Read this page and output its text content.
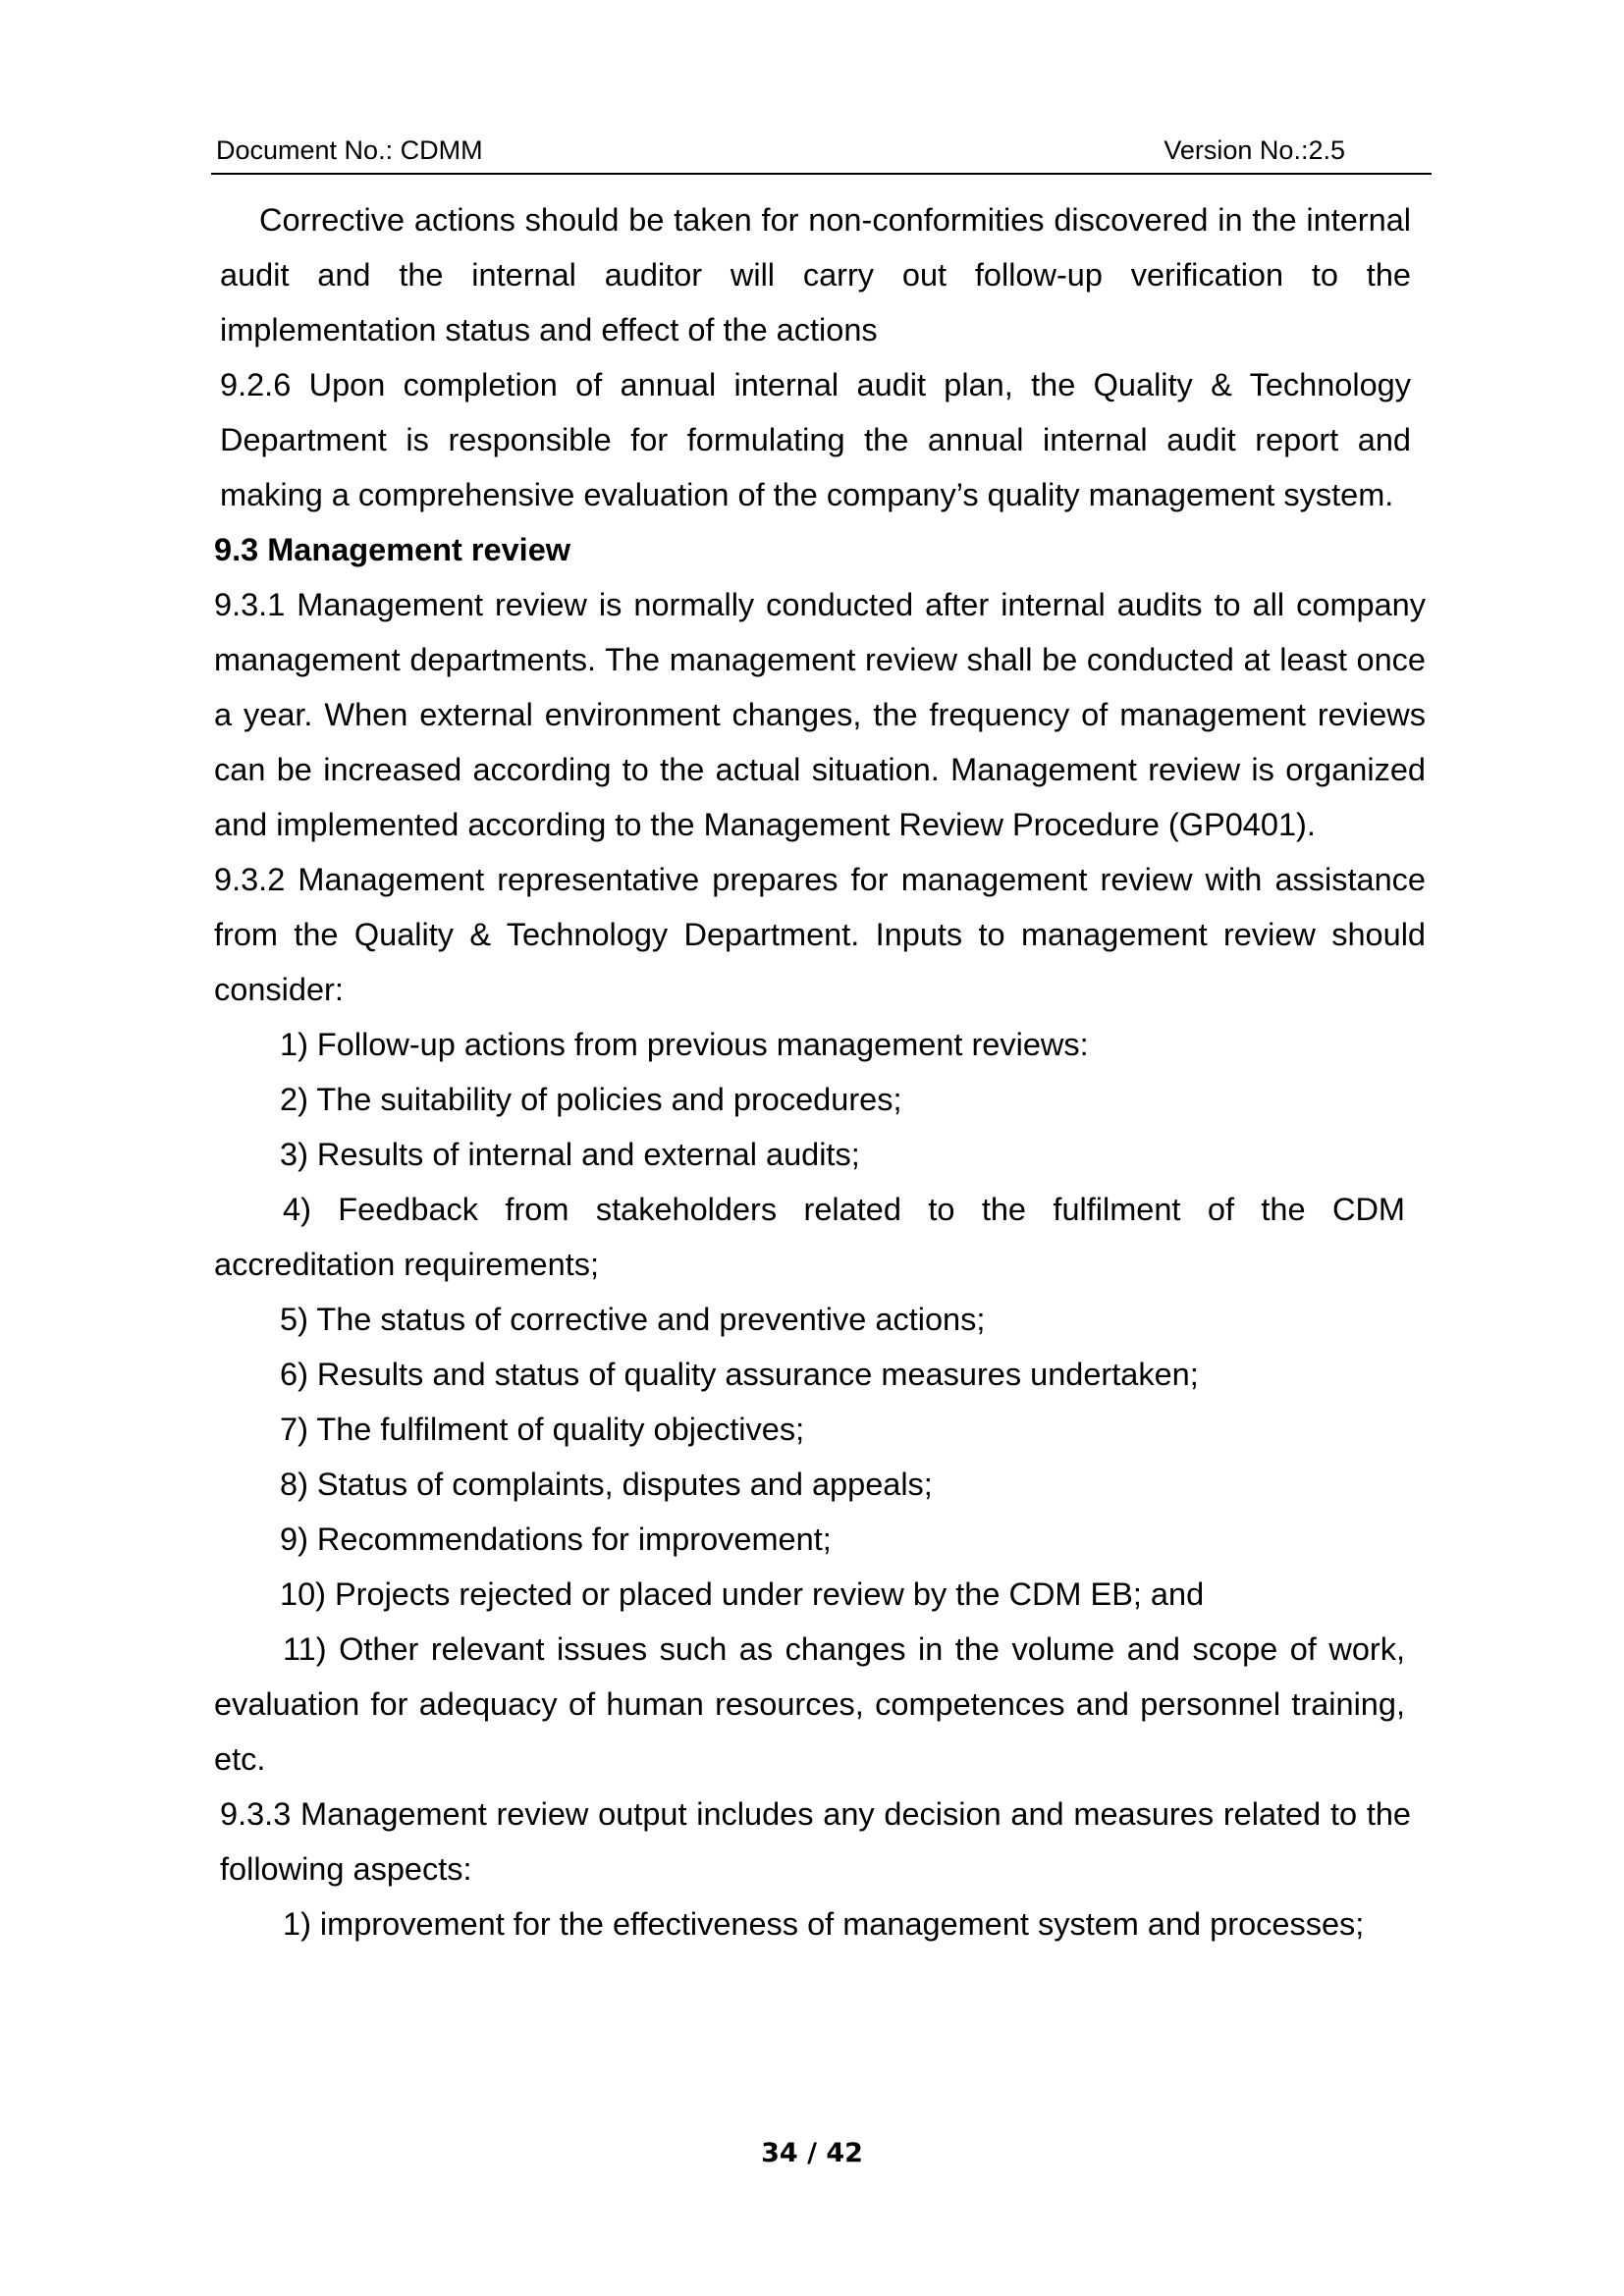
Document No.: CDMM	Version No.:2.5

Corrective actions should be taken for non-conformities discovered in the internal audit and the internal auditor will carry out follow-up verification to the implementation status and effect of the actions

9.2.6 Upon completion of annual internal audit plan, the Quality & Technology Department is responsible for formulating the annual internal audit report and making a comprehensive evaluation of the company’s quality management system.

9.3 Management review

9.3.1 Management review is normally conducted after internal audits to all company management departments. The management review shall be conducted at least once a year. When external environment changes, the frequency of management reviews can be increased according to the actual situation. Management review is organized and implemented according to the Management Review Procedure (GP0401).

9.3.2 Management representative prepares for management review with assistance from the Quality & Technology Department. Inputs to management review should consider:

1) Follow-up actions from previous management reviews:

2) The suitability of policies and procedures;

3) Results of internal and external audits;

4) Feedback from stakeholders related to the fulfilment of the CDM accreditation requirements;

5) The status of corrective and preventive actions;

6) Results and status of quality assurance measures undertaken;

7) The fulfilment of quality objectives;

8) Status of complaints, disputes and appeals;

9) Recommendations for improvement;

10) Projects rejected or placed under review by the CDM EB; and

11) Other relevant issues such as changes in the volume and scope of work, evaluation for adequacy of human resources, competences and personnel training, etc.

9.3.3 Management review output includes any decision and measures related to the following aspects:

1) improvement for the effectiveness of management system and processes;

34 / 42
